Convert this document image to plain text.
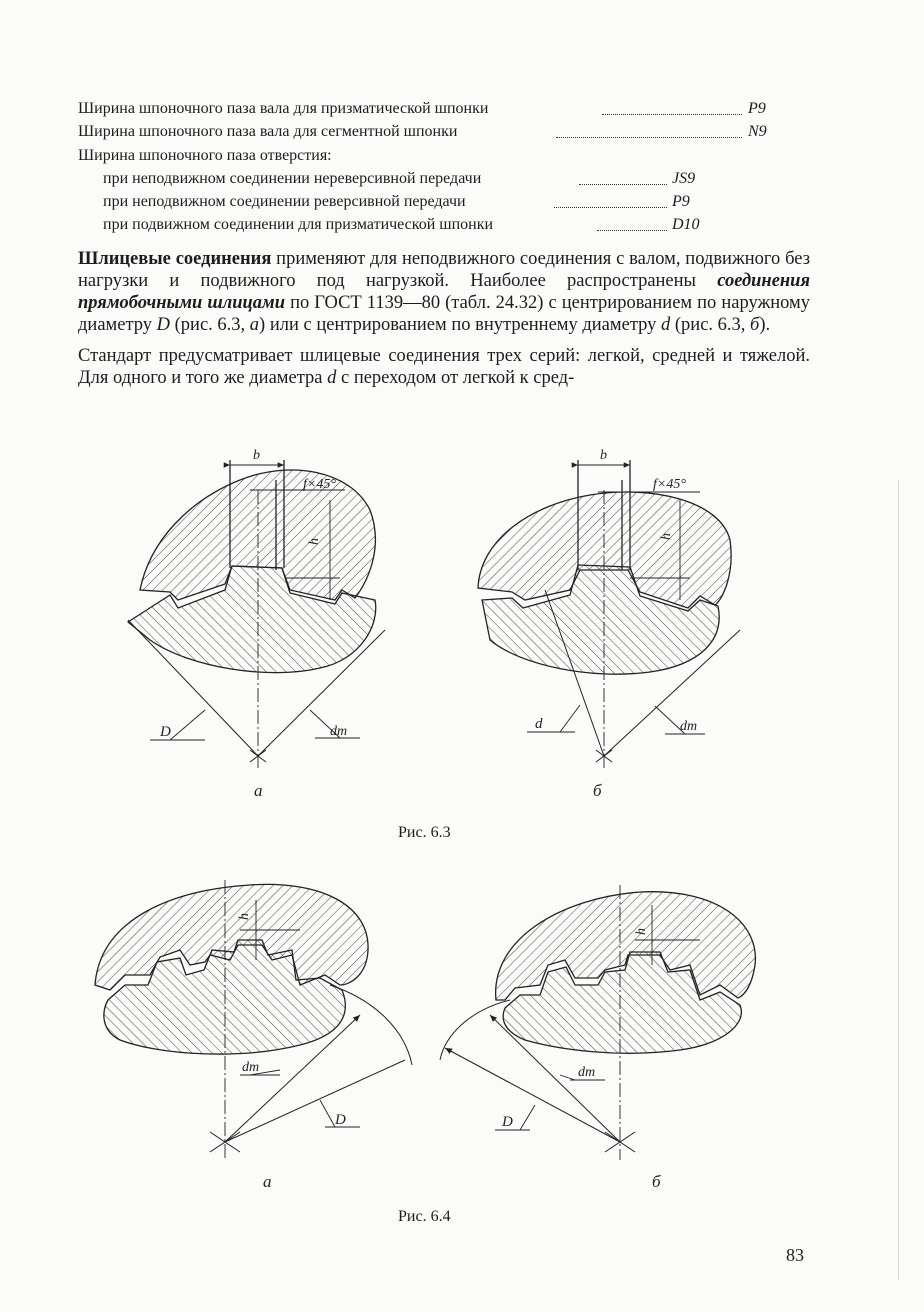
Ширина шпоночного паза вала для призматической шпонки	P9
Ширина шпоночного паза вала для сегментной шпонки	N9
Ширина шпоночного паза отверстия:
при неподвижном соединении нереверсивной передачи	JS9
при неподвижном соединении реверсивной передачи	P9
при подвижном соединении для призматической шпонки	D10

Шлицевые соединения применяют для неподвижного соединения с валом, подвижного без нагрузки и подвижного под нагрузкой. Наиболее распространены соединения прямобочными шлицами по ГОСТ 1139—80 (табл. 24.32) с центрированием по наружному диаметру D (рис. 6.3, а) или с центрированием по внутреннему диаметру d (рис. 6.3, б).

Стандарт предусматривает шлицевые соединения трех серий: легкой, средней и тяжелой. Для одного и того же диаметра d с переходом от легкой к сред-

b
f×45°
h
D	dm
b
f×45°
h
d	dm
h
dm
D
h
dm
D
а	б
а	б
Рис. 6.3
Рис. 6.4
83
